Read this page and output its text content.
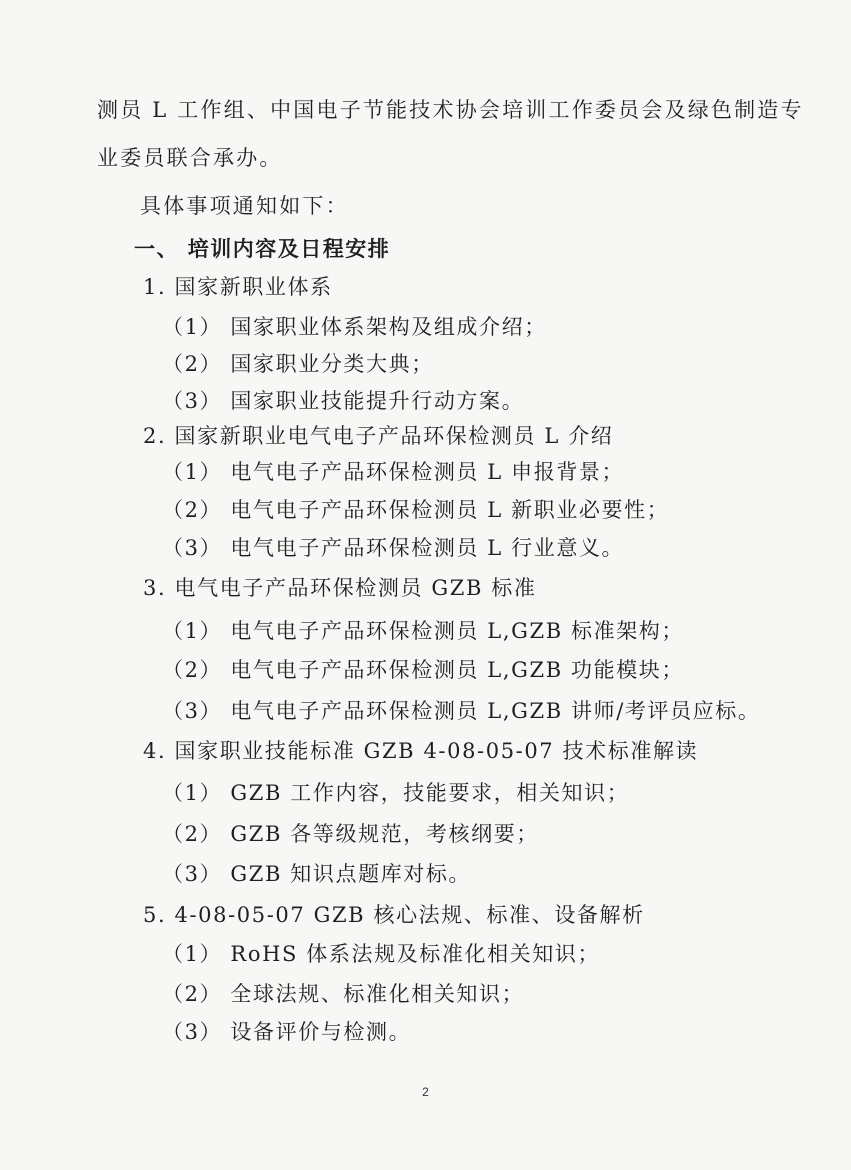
测员 L 工作组、中国电子节能技术协会培训工作委员会及绿色制造专
业委员联合承办。
具体事项通知如下：
一、 培训内容及日程安排
1. 国家新职业体系
（1） 国家职业体系架构及组成介绍；
（2） 国家职业分类大典；
（3） 国家职业技能提升行动方案。
2. 国家新职业电气电子产品环保检测员 L 介绍
（1） 电气电子产品环保检测员 L 申报背景；
（2） 电气电子产品环保检测员 L 新职业必要性；
（3） 电气电子产品环保检测员 L 行业意义。
3. 电气电子产品环保检测员 GZB 标准
（1） 电气电子产品环保检测员 L,GZB 标准架构；
（2） 电气电子产品环保检测员 L,GZB 功能模块；
（3） 电气电子产品环保检测员 L,GZB 讲师/考评员应标。
4. 国家职业技能标准 GZB 4-08-05-07 技术标准解读
（1） GZB 工作内容，技能要求，相关知识；
（2） GZB 各等级规范，考核纲要；
（3） GZB 知识点题库对标。
5. 4-08-05-07 GZB 核心法规、标准、设备解析
（1） RoHS 体系法规及标准化相关知识；
（2） 全球法规、标准化相关知识；
（3） 设备评价与检测。
2
